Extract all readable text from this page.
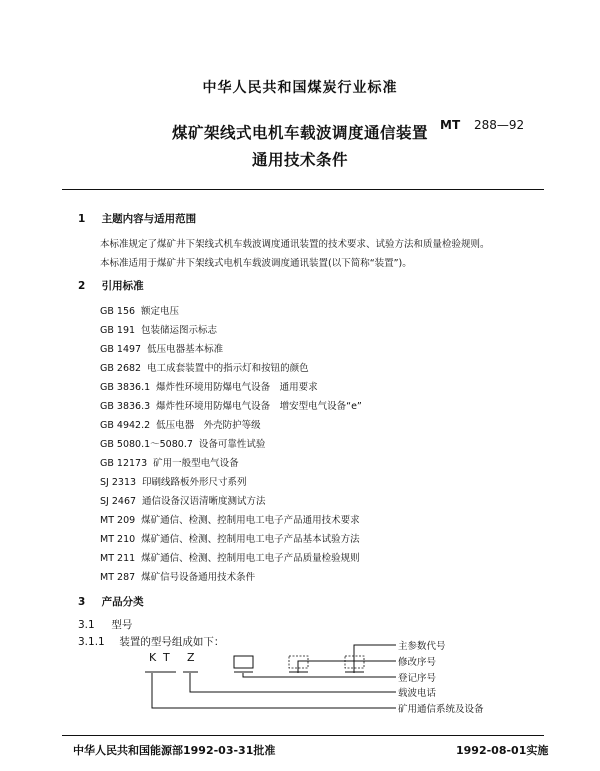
中华人民共和国煤炭行业标准
煤矿架线式电机车载波调度通信装置
通用技术条件
MT 288—92
1 主题内容与适用范围
本标准规定了煤矿井下架线式机车载波调度通讯装置的技术要求、试验方法和质量检验规则。
本标准适用于煤矿井下架线式电机车载波调度通讯装置(以下简称“装置”)。
2 引用标准
GB 156 额定电压
GB 191 包装储运图示标志
GB 1497 低压电器基本标准
GB 2682 电工成套装置中的指示灯和按钮的颜色
GB 3836.1 爆炸性环境用防爆电气设备　通用要求
GB 3836.3 爆炸性环境用防爆电气设备　增安型电气设备“e”
GB 4942.2 低压电器　外壳防护等级
GB 5080.1～5080.7 设备可靠性试验
GB 12173 矿用一般型电气设备
SJ 2313 印刷线路板外形尺寸系列
SJ 2467 通信设备汉语清晰度测试方法
MT 209 煤矿通信、检测、控制用电工电子产品通用技术要求
MT 210 煤矿通信、检测、控制用电工电子产品基本试验方法
MT 211 煤矿通信、检测、控制用电工电子产品质量检验规则
MT 287 煤矿信号设备通用技术条件
3 产品分类
3.1 型号
3.1.1 装置的型号组成如下：
K T Z
主参数代号
修改序号
登记序号
载波电话
矿用通信系统及设备
中华人民共和国能源部1992-03-31批准	1992-08-01实施
